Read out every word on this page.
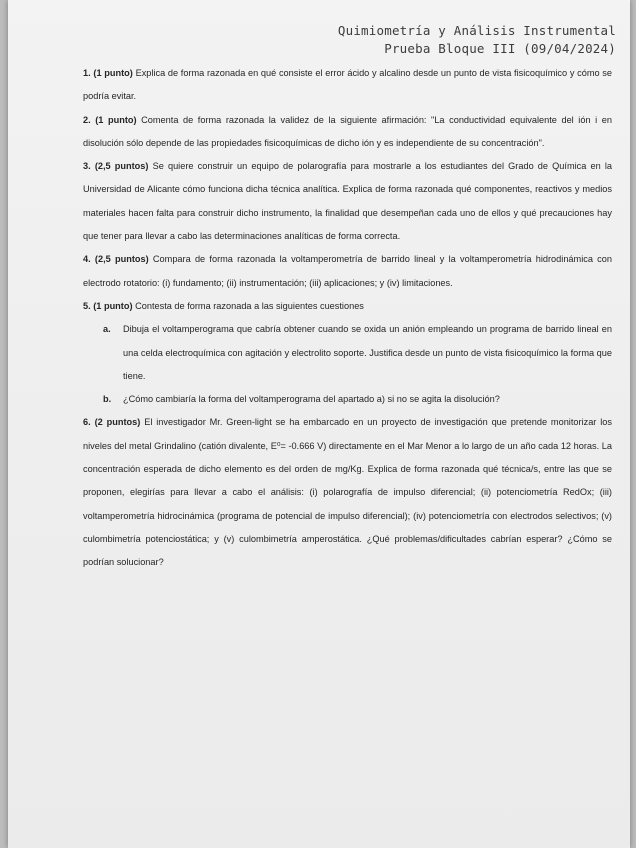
Quimiometría y Análisis Instrumental
Prueba Bloque III (09/04/2024)

1. (1 punto) Explica de forma razonada en qué consiste el error ácido y alcalino desde un punto de vista fisicoquímico y cómo se podría evitar.

2. (1 punto) Comenta de forma razonada la validez de la siguiente afirmación: "La conductividad equivalente del ión i en disolución sólo depende de las propiedades fisicoquímicas de dicho ión y es independiente de su concentración".

3. (2,5 puntos) Se quiere construir un equipo de polarografía para mostrarle a los estudiantes del Grado de Química en la Universidad de Alicante cómo funciona dicha técnica analítica. Explica de forma razonada qué componentes, reactivos y medios materiales hacen falta para construir dicho instrumento, la finalidad que desempeñan cada uno de ellos y qué precauciones hay que tener para llevar a cabo las determinaciones analíticas de forma correcta.

4. (2,5 puntos) Compara de forma razonada la voltamperometría de barrido lineal y la voltamperometría hidrodinámica con electrodo rotatorio: (i) fundamento; (ii) instrumentación; (iii) aplicaciones; y (iv) limitaciones.

5. (1 punto) Contesta de forma razonada a las siguientes cuestiones

a. Dibuja el voltamperograma que cabría obtener cuando se oxida un anión empleando un programa de barrido lineal en una celda electroquímica con agitación y electrolito soporte. Justifica desde un punto de vista fisicoquímico la forma que tiene.
b. ¿Cómo cambiaría la forma del voltamperograma del apartado a) si no se agita la disolución?

6. (2 puntos) El investigador Mr. Green-light se ha embarcado en un proyecto de investigación que pretende monitorizar los niveles del metal Grindalino (catión divalente, E⁰= -0.666 V) directamente en el Mar Menor a lo largo de un año cada 12 horas. La concentración esperada de dicho elemento es del orden de mg/Kg. Explica de forma razonada qué técnica/s, entre las que se proponen, elegirías para llevar a cabo el análisis: (i) polarografía de impulso diferencial; (ii) potenciometría RedOx; (iii) voltamperometría hidrocinámica (programa de potencial de impulso diferencial); (iv) potenciometría con electrodos selectivos; (v) culombimetría potenciostática; y (v) culombimetría amperostática. ¿Qué problemas/dificultades cabrían esperar? ¿Cómo se podrían solucionar?
